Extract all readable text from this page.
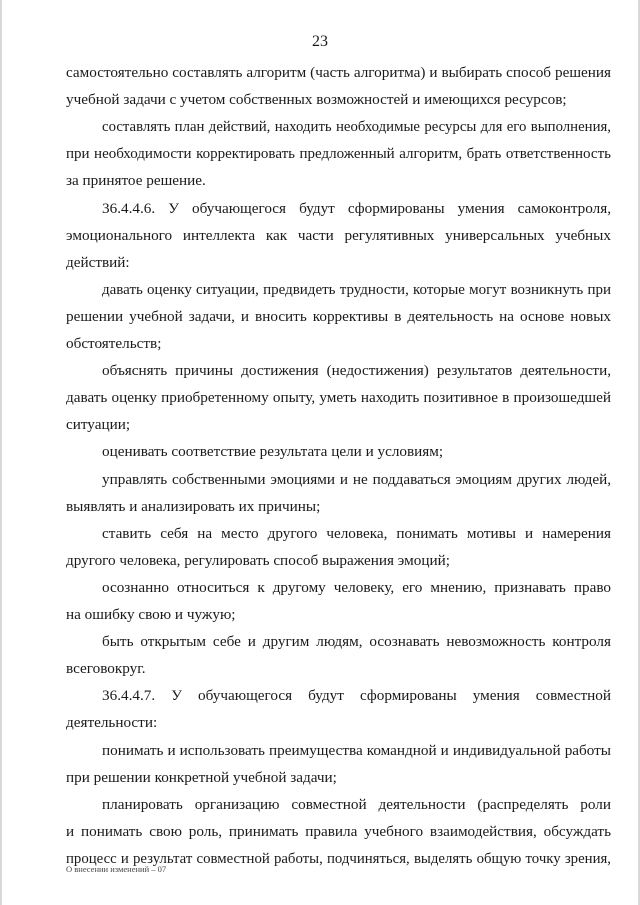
23
самостоятельно составлять алгоритм (часть алгоритма) и выбирать способ решения
учебной задачи с учетом собственных возможностей и имеющихся ресурсов;
составлять план действий, находить необходимые ресурсы для его выполнения,
при необходимости корректировать предложенный алгоритм, брать ответственность
за принятое решение.
36.4.4.6. У обучающегося будут сформированы умения самоконтроля,
эмоционального интеллекта как части регулятивных универсальных учебных
действий:
давать оценку ситуации, предвидеть трудности, которые могут возникнуть при
решении учебной задачи, и вносить коррективы в деятельность на основе новых
обстоятельств;
объяснять причины достижения (недостижения) результатов деятельности,
давать оценку приобретенному опыту, уметь находить позитивное в произошедшей
ситуации;
оценивать соответствие результата цели и условиям;
управлять собственными эмоциями и не поддаваться эмоциям других людей,
выявлять и анализировать их причины;
ставить себя на место другого человека, понимать мотивы и намерения
другого человека, регулировать способ выражения эмоций;
осознанно относиться к другому человеку, его мнению, признавать право
на ошибку свою и чужую;
быть открытым себе и другим людям, осознавать невозможность контроля
всеговокруг.
36.4.4.7. У обучающегося будут сформированы умения совместной
деятельности:
понимать и использовать преимущества командной и индивидуальной работы
при решении конкретной учебной задачи;
планировать организацию совместной деятельности (распределять роли
и понимать свою роль, принимать правила учебного взаимодействия, обсуждать
процесс и результат совместной работы, подчиняться, выделять общую точку зрения,
О внесении изменений – 07
